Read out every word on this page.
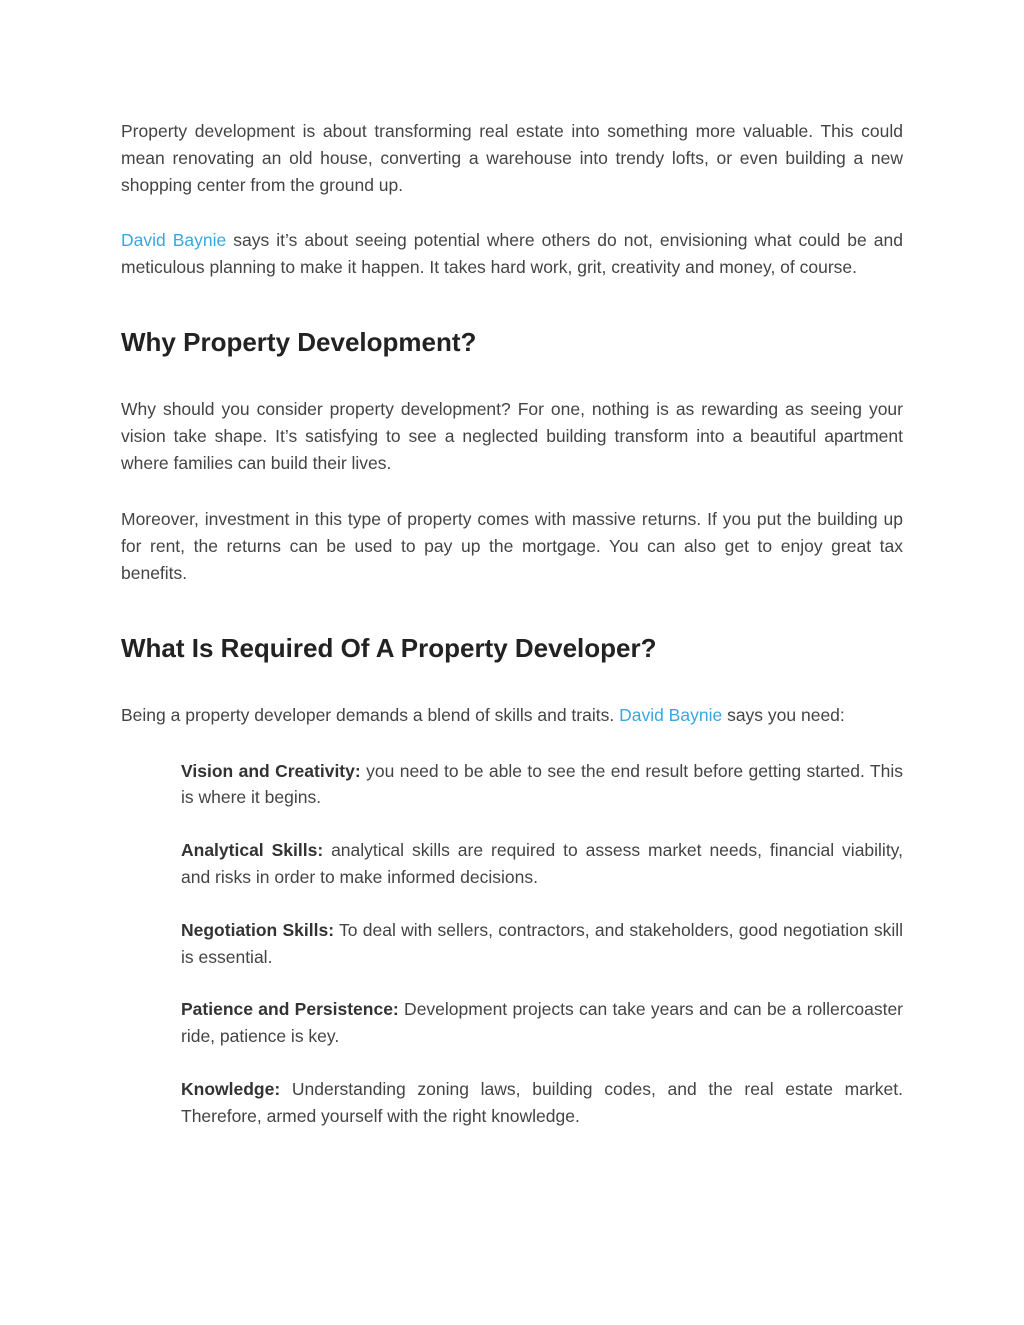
Property development is about transforming real estate into something more valuable. This could mean renovating an old house, converting a warehouse into trendy lofts, or even building a new shopping center from the ground up.

David Baynie says it’s about seeing potential where others do not, envisioning what could be and meticulous planning to make it happen. It takes hard work, grit, creativity and money, of course.

Why Property Development?

Why should you consider property development? For one, nothing is as rewarding as seeing your vision take shape. It’s satisfying to see a neglected building transform into a beautiful apartment where families can build their lives.

Moreover, investment in this type of property comes with massive returns. If you put the building up for rent, the returns can be used to pay up the mortgage. You can also get to enjoy great tax benefits.

What Is Required Of A Property Developer?

Being a property developer demands a blend of skills and traits. David Baynie says you need:

Vision and Creativity: you need to be able to see the end result before getting started. This is where it begins.
Analytical Skills: analytical skills are required to assess market needs, financial viability, and risks in order to make informed decisions.
Negotiation Skills: To deal with sellers, contractors, and stakeholders, good negotiation skill is essential.
Patience and Persistence: Development projects can take years and can be a rollercoaster ride, patience is key.
Knowledge: Understanding zoning laws, building codes, and the real estate market. Therefore, armed yourself with the right knowledge.
